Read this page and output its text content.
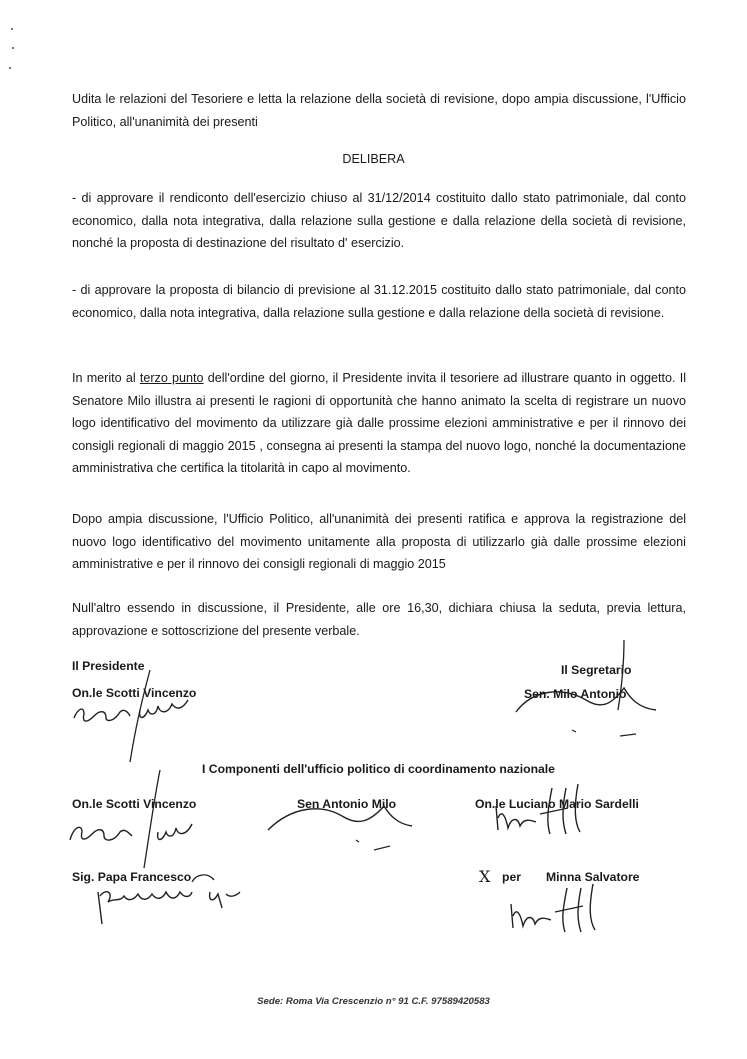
Udita le relazioni del Tesoriere e letta la relazione della società di revisione, dopo ampia discussione, l'Ufficio Politico, all'unanimità dei presenti

DELIBERA

- di approvare il rendiconto dell'esercizio chiuso al 31/12/2014 costituito dallo stato patrimoniale, dal conto economico, dalla nota integrativa, dalla relazione sulla gestione e dalla relazione della società di revisione, nonché la proposta di destinazione del risultato d' esercizio.

- di approvare la proposta di bilancio di previsione al 31.12.2015 costituito dallo stato patrimoniale, dal conto economico, dalla nota integrativa, dalla relazione sulla gestione e dalla relazione della società di revisione.

In merito al terzo punto dell'ordine del giorno, il Presidente invita il tesoriere ad illustrare quanto in oggetto. Il Senatore Milo illustra ai presenti le ragioni di opportunità che hanno animato la scelta di registrare un nuovo logo identificativo del movimento da utilizzare già dalle prossime elezioni amministrative e per il rinnovo dei consigli regionali di maggio 2015 , consegna ai presenti la stampa del nuovo logo, nonché la documentazione amministrativa che certifica la titolarità in capo al movimento.

Dopo ampia discussione, l'Ufficio Politico, all'unanimità dei presenti ratifica e approva la registrazione del nuovo logo identificativo del movimento unitamente alla proposta di utilizzarlo già dalle prossime elezioni amministrative e per il rinnovo dei consigli regionali di maggio 2015

Null'altro essendo in discussione, il Presidente, alle ore 16,30, dichiara chiusa la seduta, previa lettura, approvazione e sottoscrizione del presente verbale.

Il Presidente
On.le Scotti Vincenzo
Il Segretario
Sen. Milo Antonio
I Componenti dell'ufficio politico di coordinamento nazionale
On.le Scotti Vincenzo	Sen Antonio Milo	On.le Luciano Mario Sardelli
Sig. Papa Francesco	X per Minna Salvatore
Sede: Roma Via Crescenzio n° 91 C.F. 97589420583
